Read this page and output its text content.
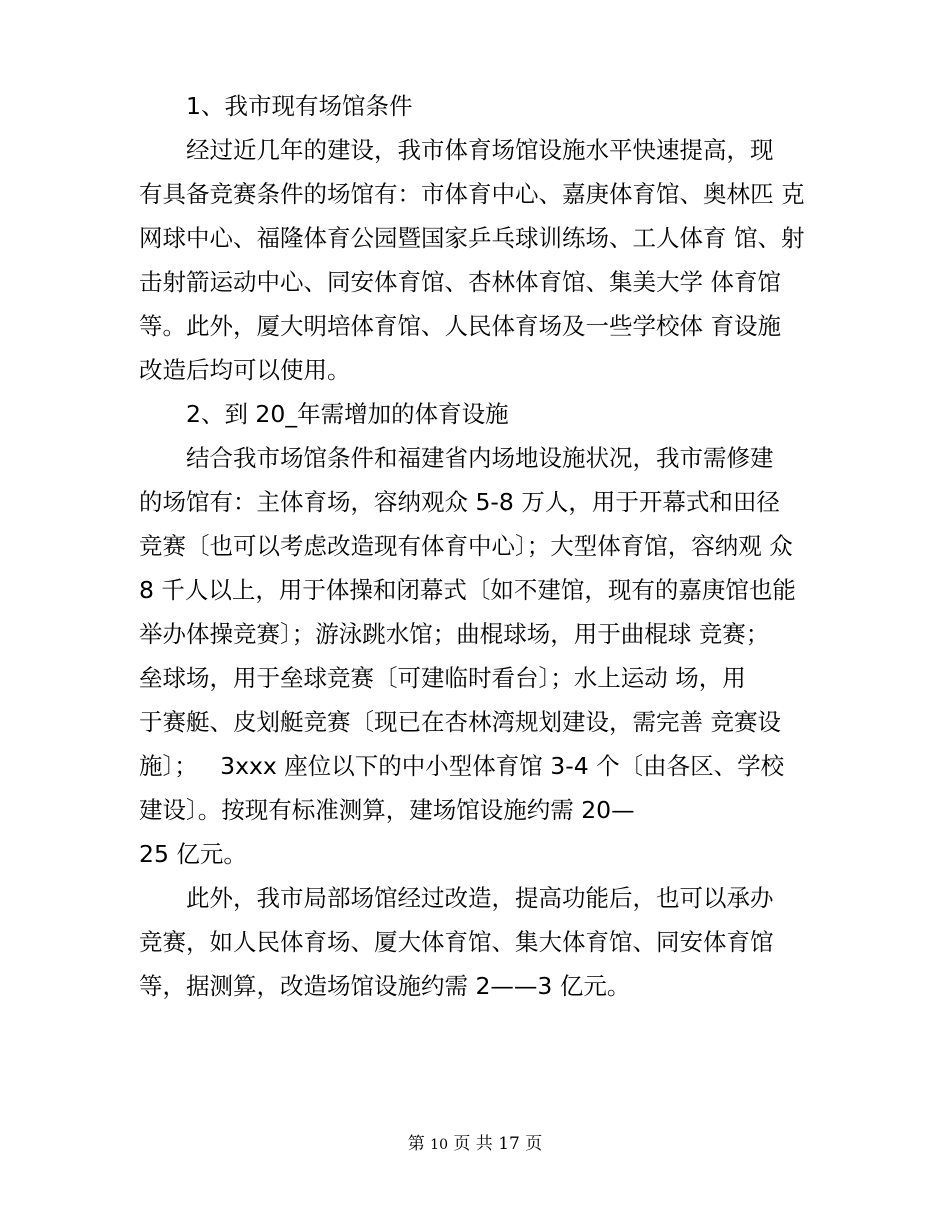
1、我市现有场馆条件
经过近几年的建设，我市体育场馆设施水平快速提高，现
有具备竞赛条件的场馆有：市体育中心、嘉庚体育馆、奥林匹 克
网球中心、福隆体育公园暨国家乒乓球训练场、工人体育 馆、射
击射箭运动中心、同安体育馆、杏林体育馆、集美大学 体育馆
等。此外，厦大明培体育馆、人民体育场及一些学校体 育设施
改造后均可以使用。
2、到 20_年需增加的体育设施
结合我市场馆条件和福建省内场地设施状况，我市需修建
的场馆有：主体育场，容纳观众 5-8 万人，用于开幕式和田径
竞赛〔也可以考虑改造现有体育中心〕；大型体育馆，容纳观 众
8 千人以上，用于体操和闭幕式〔如不建馆，现有的嘉庚馆也能
举办体操竞赛〕；游泳跳水馆；曲棍球场，用于曲棍球 竞赛；
垒球场，用于垒球竞赛〔可建临时看台〕；水上运动 场，用
于赛艇、皮划艇竞赛〔现已在杏林湾规划建设，需完善 竞赛设
施〕；   3xxx 座位以下的中小型体育馆 3-4 个〔由各区、学校
建设〕。按现有标准测算，建场馆设施约需 20—
25 亿元。
此外，我市局部场馆经过改造，提高功能后，也可以承办
竞赛，如人民体育场、厦大体育馆、集大体育馆、同安体育馆
等，据测算，改造场馆设施约需 2——3 亿元。
第 10 页 共 17 页
